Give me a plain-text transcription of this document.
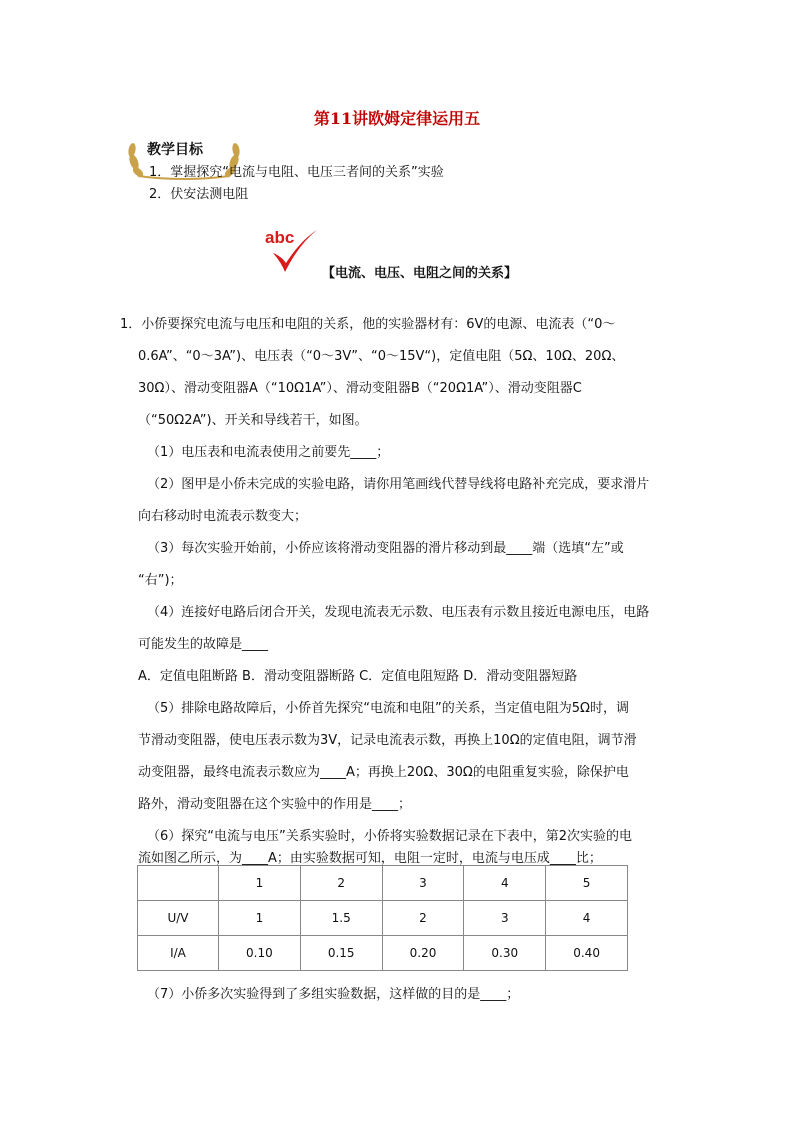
第11讲欧姆定律运用五
教学目标
1．掌握探究“电流与电阻、电压三者间的关系”实验
2．伏安法测电阻
abc
【电流、电压、电阻之间的关系】
1．小侨要探究电流与电压和电阻的关系，他的实验器材有：6V的电源、电流表（“0～
0.6A”、“0～3A”)、电压表（“0～3V”、“0～15V“)，定值电阻（5Ω、10Ω、20Ω、
30Ω）、滑动变阻器A（“10Ω1A”）、滑动变阻器B（“20Ω1A”）、滑动变阻器C
（“50Ω2A”)、开关和导线若干，如图。
（1）电压表和电流表使用之前要先____；
（2）图甲是小侨未完成的实验电路，请你用笔画线代替导线将电路补充完成，要求滑片
向右移动时电流表示数变大；
（3）每次实验开始前，小侨应该将滑动变阻器的滑片移动到最____端（选填“左”或
“右”)；
（4）连接好电路后闭合开关，发现电流表无示数、电压表有示数且接近电源电压，电路
可能发生的故障是____
A．定值电阻断路 B．滑动变阻器断路 C．定值电阻短路 D．滑动变阻器短路
（5）排除电路故障后，小侨首先探究“电流和电阻”的关系，当定值电阻为5Ω时，调
节滑动变阻器，使电压表示数为3V，记录电流表示数，再换上10Ω的定值电阻，调节滑
动变阻器，最终电流表示数应为____A；再换上20Ω、30Ω的电阻重复实验，除保护电
路外，滑动变阻器在这个实验中的作用是____；
（6）探究“电流与电压”关系实验时，小侨将实验数据记录在下表中，第2次实验的电
流如图乙所示，为____A；由实验数据可知，电阻一定时，电流与电压成____比；
	1	2	3	4	5
U/V	1	1.5	2	3	4
I/A	0.10	0.15	0.20	0.30	0.40
（7）小侨多次实验得到了多组实验数据，这样做的目的是____；
